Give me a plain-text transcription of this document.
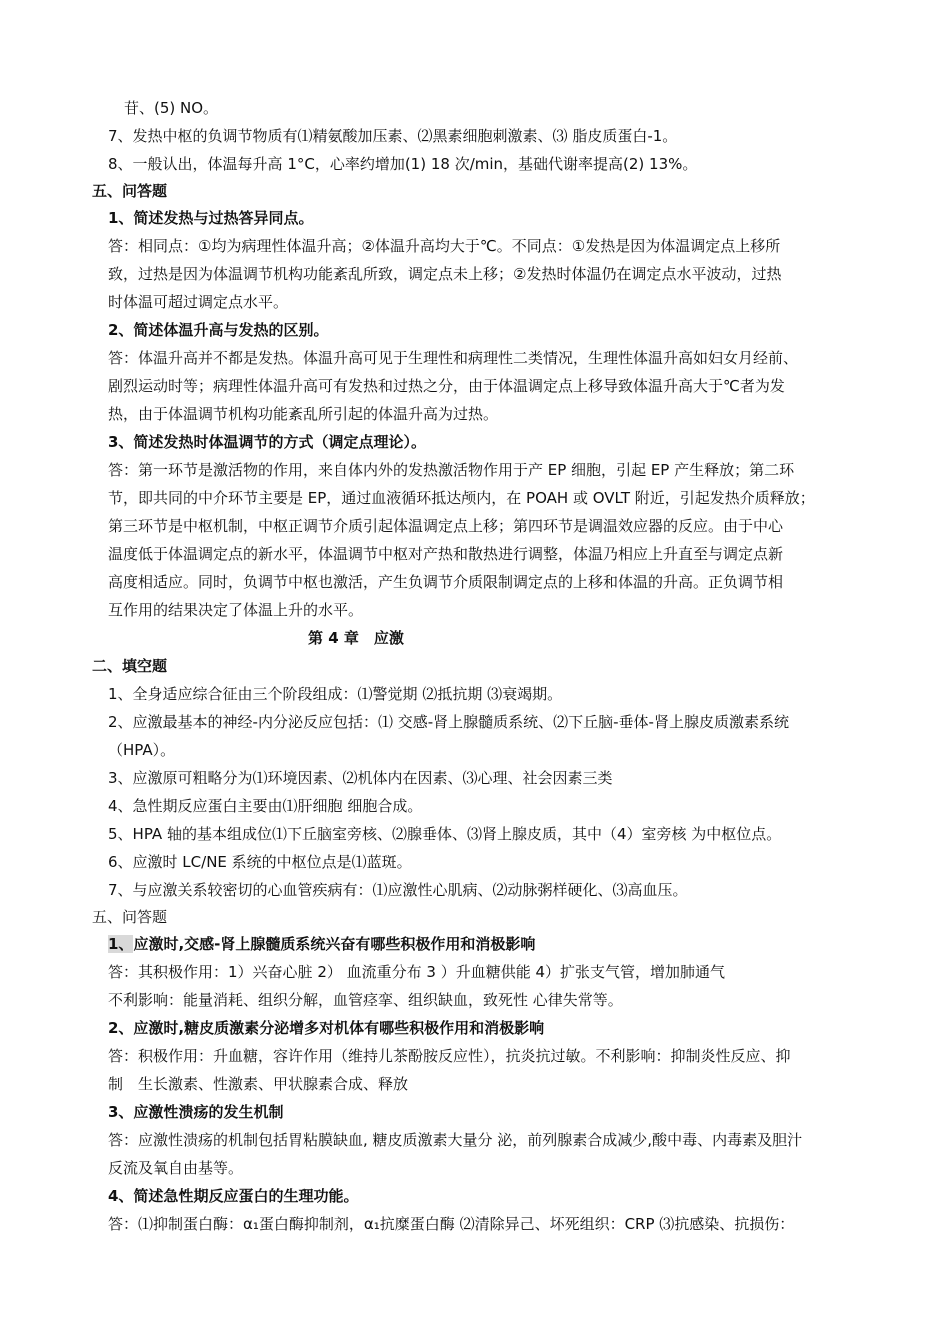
苷、(5) NO。
7、发热中枢的负调节物质有⑴精氨酸加压素、⑵黑素细胞刺激素、⑶ 脂皮质蛋白-1。
8、一般认出，体温每升高 1°C，心率约增加(1) 18 次/min，基础代谢率提高(2) 13%。
五、问答题
1、简述发热与过热答异同点。
答：相同点：①均为病理性体温升高；②体温升高均大于℃。不同点：①发热是因为体温调定点上移所
致，过热是因为体温调节机构功能紊乱所致，调定点未上移；②发热时体温仍在调定点水平波动，过热
时体温可超过调定点水平。
2、简述体温升高与发热的区别。
答：体温升高并不都是发热。体温升高可见于生理性和病理性二类情况，生理性体温升高如妇女月经前、
剧烈运动时等；病理性体温升高可有发热和过热之分，由于体温调定点上移导致体温升高大于℃者为发
热，由于体温调节机构功能紊乱所引起的体温升高为过热。
3、简述发热时体温调节的方式（调定点理论）。
答：第一环节是激活物的作用，来自体内外的发热激活物作用于产 EP 细胞，引起 EP 产生释放；第二环
节，即共同的中介环节主要是 EP，通过血液循环抵达颅内，在 POAH 或 OVLT 附近，引起发热介质释放；
第三环节是中枢机制，中枢正调节介质引起体温调定点上移；第四环节是调温效应器的反应。由于中心
温度低于体温调定点的新水平，体温调节中枢对产热和散热进行调整，体温乃相应上升直至与调定点新
高度相适应。同时，负调节中枢也激活，产生负调节介质限制调定点的上移和体温的升高。正负调节相
互作用的结果决定了体温上升的水平。
第 4 章　应激
二、填空题
1、全身适应综合征由三个阶段组成：⑴警觉期 ⑵抵抗期 ⑶衰竭期。
2、应激最基本的神经-内分泌反应包括：⑴ 交感-肾上腺髓质系统、⑵下丘脑-垂体-肾上腺皮质激素系统
（HPA）。
3、应激原可粗略分为⑴环境因素、⑵机体内在因素、⑶心理、社会因素三类
4、急性期反应蛋白主要由⑴肝细胞 细胞合成。
5、HPA 轴的基本组成位⑴下丘脑室旁核、⑵腺垂体、⑶肾上腺皮质，其中（4）室旁核 为中枢位点。
6、应激时 LC/NE 系统的中枢位点是⑴蓝斑。
7、与应激关系较密切的心血管疾病有：⑴应激性心肌病、⑵动脉粥样硬化、⑶高血压。
五、问答题
1、应激时,交感-肾上腺髓质系统兴奋有哪些积极作用和消极影响
答：其积极作用：1）兴奋心脏 2） 血流重分布 3 ）升血糖供能 4）扩张支气管，增加肺通气
不利影响：能量消耗、组织分解，血管痉挛、组织缺血，致死性 心律失常等。
2、应激时,糖皮质激素分泌增多对机体有哪些积极作用和消极影响
答：积极作用：升血糖，容许作用（维持儿茶酚胺反应性），抗炎抗过敏。不利影响：抑制炎性反应、抑
制　生长激素、性激素、甲状腺素合成、释放
3、应激性溃疡的发生机制
答：应激性溃疡的机制包括胃粘膜缺血, 糖皮质激素大量分 泌，前列腺素合成减少,酸中毒、内毒素及胆汁
反流及氧自由基等。
4、简述急性期反应蛋白的生理功能。
答：⑴抑制蛋白酶：α₁蛋白酶抑制剂，α₁抗糜蛋白酶 ⑵清除异己、坏死组织：CRP ⑶抗感染、抗损伤：
